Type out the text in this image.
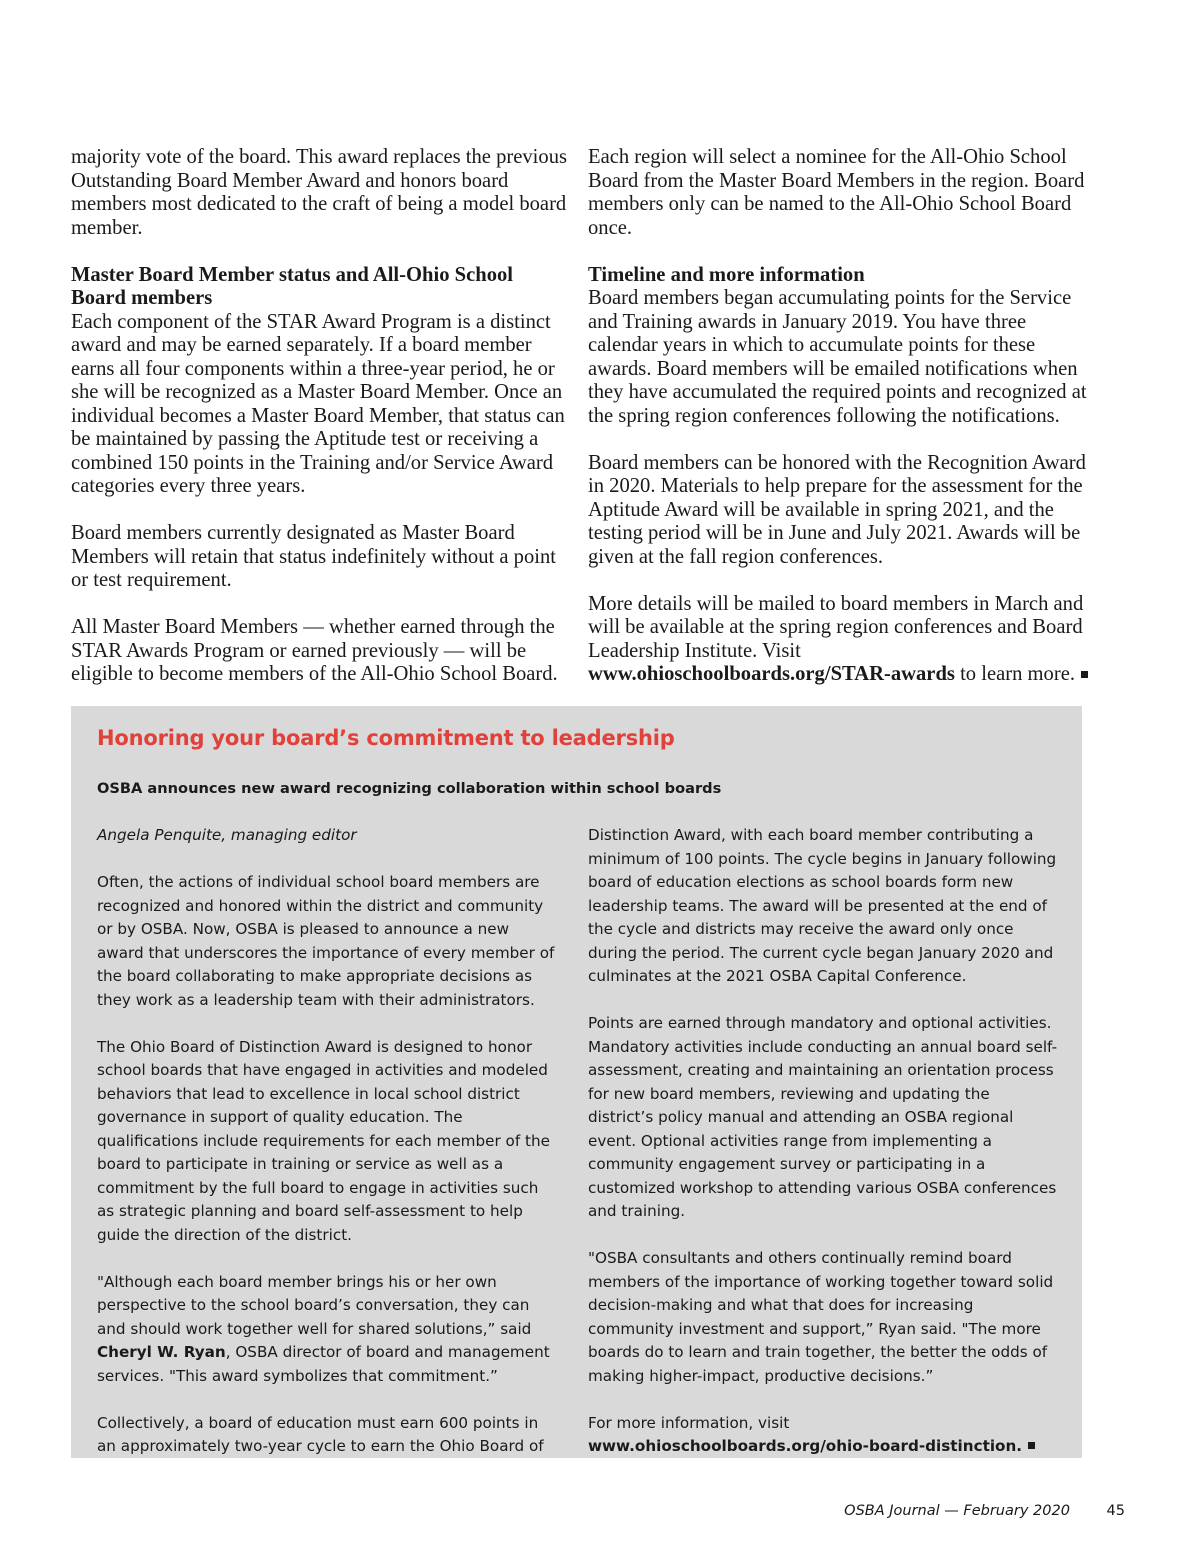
majority vote of the board. This award replaces the previous Outstanding Board Member Award and honors board members most dedicated to the craft of being a model board member.

Master Board Member status and All-Ohio School Board members

Each component of the STAR Award Program is a distinct award and may be earned separately. If a board member earns all four components within a three-year period, he or she will be recognized as a Master Board Member. Once an individual becomes a Master Board Member, that status can be maintained by passing the Aptitude test or receiving a combined 150 points in the Training and/or Service Award categories every three years.

Board members currently designated as Master Board Members will retain that status indefinitely without a point or test requirement.

All Master Board Members — whether earned through the STAR Awards Program or earned previously — will be eligible to become members of the All-Ohio School Board.

Each region will select a nominee for the All-Ohio School Board from the Master Board Members in the region. Board members only can be named to the All-Ohio School Board once.

Timeline and more information

Board members began accumulating points for the Service and Training awards in January 2019. You have three calendar years in which to accumulate points for these awards. Board members will be emailed notifications when they have accumulated the required points and recognized at the spring region conferences following the notifications.

Board members can be honored with the Recognition Award in 2020. Materials to help prepare for the assessment for the Aptitude Award will be available in spring 2021, and the testing period will be in June and July 2021. Awards will be given at the fall region conferences.

More details will be mailed to board members in March and will be available at the spring region conferences and Board Leadership Institute. Visit www.ohioschoolboards.org/STAR-awards to learn more.

Honoring your board’s commitment to leadership
OSBA announces new award recognizing collaboration within school boards

Angela Penquite, managing editor

Often, the actions of individual school board members are recognized and honored within the district and community or by OSBA. Now, OSBA is pleased to announce a new award that underscores the importance of every member of the board collaborating to make appropriate decisions as they work as a leadership team with their administrators.

The Ohio Board of Distinction Award is designed to honor school boards that have engaged in activities and modeled behaviors that lead to excellence in local school district governance in support of quality education. The qualifications include requirements for each member of the board to participate in training or service as well as a commitment by the full board to engage in activities such as strategic planning and board self-assessment to help guide the direction of the district.

"Although each board member brings his or her own perspective to the school board’s conversation, they can and should work together well for shared solutions,” said Cheryl W. Ryan, OSBA director of board and management services. "This award symbolizes that commitment.”

Collectively, a board of education must earn 600 points in an approximately two-year cycle to earn the Ohio Board of

Distinction Award, with each board member contributing a minimum of 100 points. The cycle begins in January following board of education elections as school boards form new leadership teams. The award will be presented at the end of the cycle and districts may receive the award only once during the period. The current cycle began January 2020 and culminates at the 2021 OSBA Capital Conference.

Points are earned through mandatory and optional activities. Mandatory activities include conducting an annual board self-assessment, creating and maintaining an orientation process for new board members, reviewing and updating the district’s policy manual and attending an OSBA regional event. Optional activities range from implementing a community engagement survey or participating in a customized workshop to attending various OSBA conferences and training.

"OSBA consultants and others continually remind board members of the importance of working together toward solid decision-making and what that does for increasing community investment and support,” Ryan said. "The more boards do to learn and train together, the better the odds of making higher-impact, productive decisions.”

For more information, visit www.ohioschoolboards.org/ohio-board-distinction.

OSBA Journal — February 2020	45
